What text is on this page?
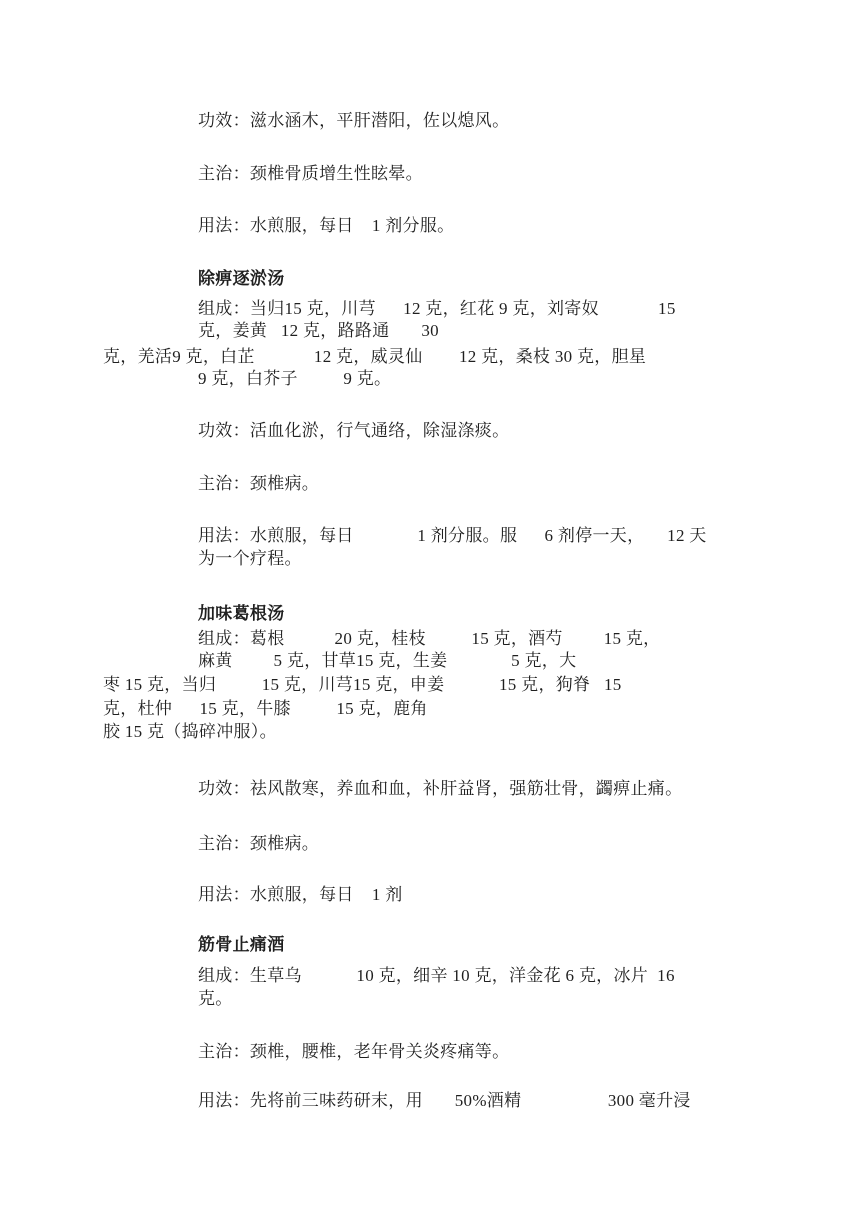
功效：滋水涵木，平肝潜阳，佐以熄风。
主治：颈椎骨质增生性眩晕。
用法：水煎服，每日    1 剂分服。
除痹逐淤汤
组成：当归15 克，川芎      12 克，红花 9 克，刘寄奴             15
克，姜黄   12 克，路路通       30
克，羌活9 克，白芷             12 克，威灵仙        12 克，桑枝 30 克，胆星
9 克，白芥子          9 克。
功效：活血化淤，行气通络，除湿涤痰。
主治：颈椎病。
用法：水煎服，每日              1 剂分服。服      6 剂停一天，     12 天
为一个疗程。
加味葛根汤
组成：葛根           20 克，桂枝          15 克，酒芍         15 克，
麻黄         5 克，甘草15 克，生姜              5 克，大
枣 15 克，当归          15 克，川芎15 克，申姜            15 克，狗脊   15
克，杜仲      15 克，牛膝          15 克，鹿角
胶 15 克（捣碎冲服）。
功效：祛风散寒，养血和血，补肝益肾，强筋壮骨，蠲痹止痛。
主治：颈椎病。
用法：水煎服，每日    1 剂
筋骨止痛酒
组成：生草乌            10 克，细辛 10 克，洋金花 6 克，冰片  16
克。
主治：颈椎，腰椎，老年骨关炎疼痛等。
用法：先将前三味药研末，用       50%酒精                   300 毫升浸
